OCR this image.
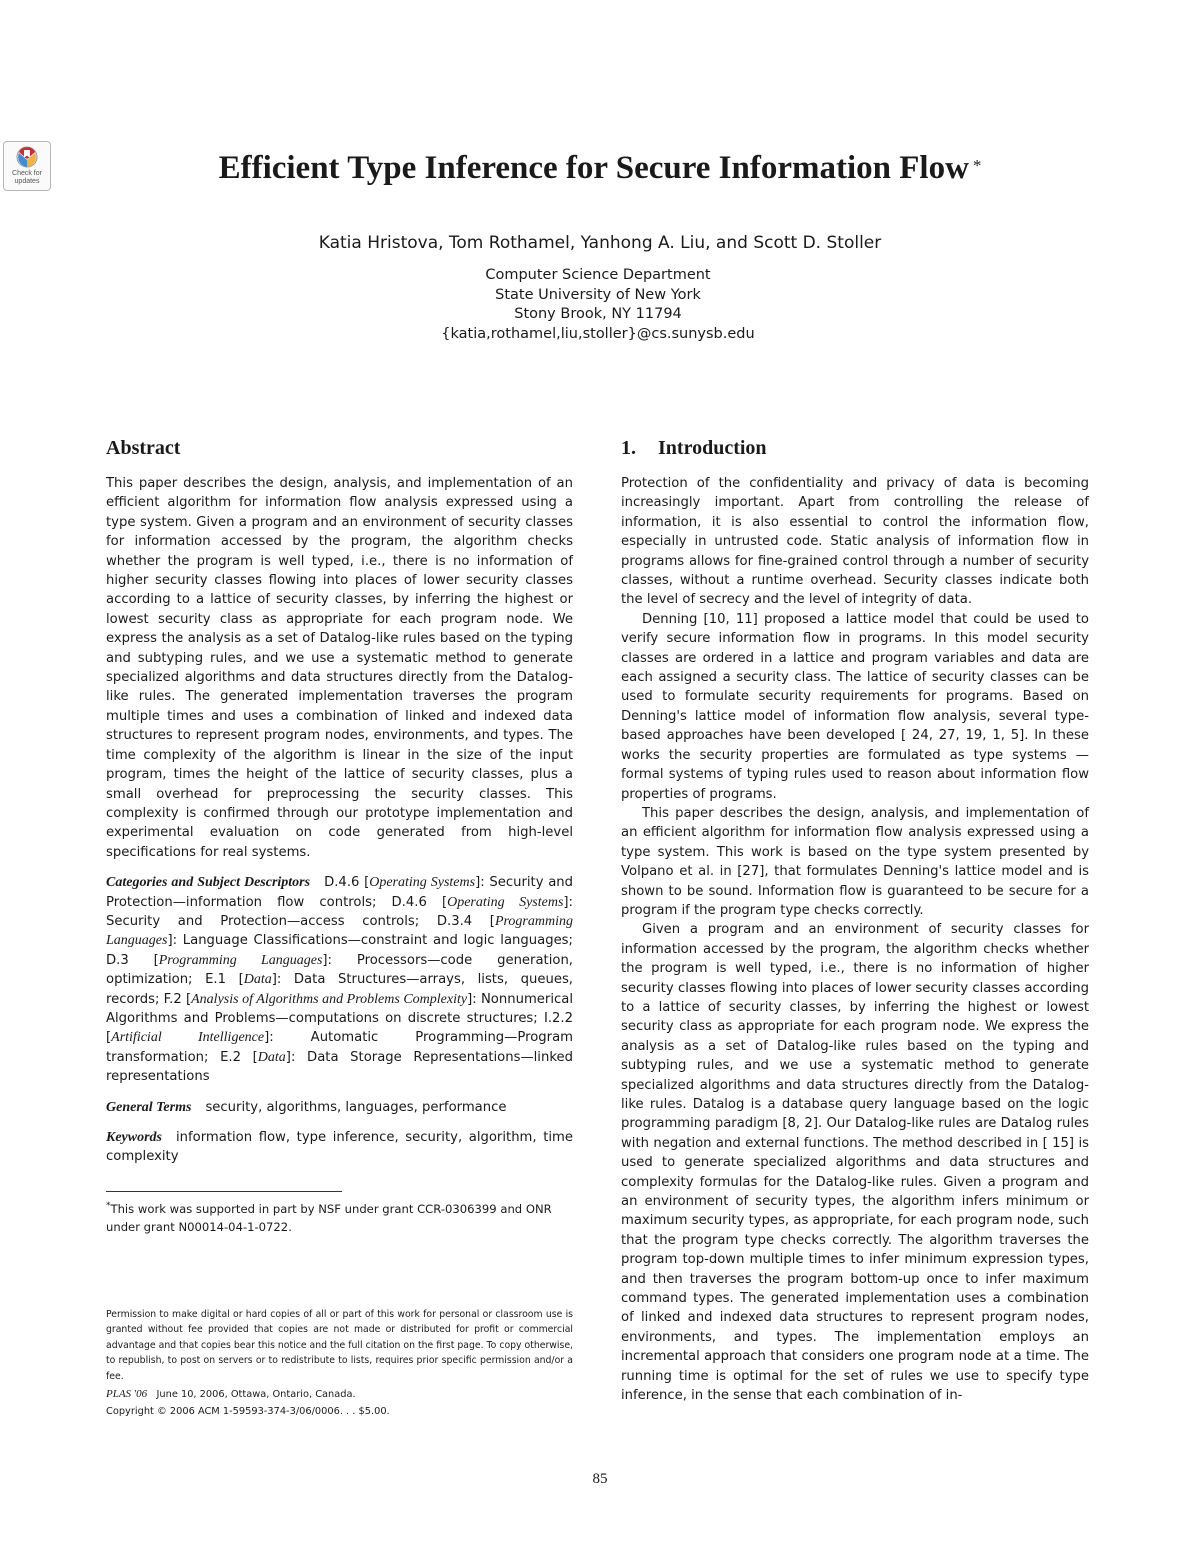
Check for
updates	Efficient Type Inference for Secure Information Flow *
Katia Hristova, Tom Rothamel, Yanhong A. Liu, and Scott D. Stoller
Computer Science Department
State University of New York
Stony Brook, NY 11794
{katia,rothamel,liu,stoller}@cs.sunysb.edu
Abstract

This paper describes the design, analysis, and implementation of an efficient algorithm for information flow analysis expressed using a type system. Given a program and an environment of security classes for information accessed by the program, the algorithm checks whether the program is well typed, i.e., there is no information of higher security classes flowing into places of lower security classes according to a lattice of security classes, by inferring the highest or lowest security class as appropriate for each program node. We express the analysis as a set of Datalog-like rules based on the typing and subtyping rules, and we use a systematic method to generate specialized algorithms and data structures directly from the Datalog-like rules. The generated implementation traverses the program multiple times and uses a combination of linked and indexed data structures to represent program nodes, environments, and types. The time complexity of the algorithm is linear in the size of the input program, times the height of the lattice of security classes, plus a small overhead for preprocessing the security classes. This complexity is confirmed through our prototype implementation and experimental evaluation on code generated from high-level specifications for real systems.

Categories and Subject Descriptors D.4.6 [Operating Systems]: Security and Protection—information flow controls; D.4.6 [Operating Systems]: Security and Protection—access controls; D.3.4 [Programming Languages]: Language Classifications—constraint and logic languages; D.3 [Programming Languages]: Processors—code generation, optimization; E.1 [Data]: Data Structures—arrays, lists, queues, records; F.2 [Analysis of Algorithms and Problems Complexity]: Nonnumerical Algorithms and Problems—computations on discrete structures; I.2.2 [Artificial Intelligence]: Automatic Programming—Program transformation; E.2 [Data]: Data Storage Representations—linked representations

General Terms security, algorithms, languages, performance

Keywords information flow, type inference, security, algorithm, time complexity

*This work was supported in part by NSF under grant CCR-0306399 and ONR under grant N00014-04-1-0722.
Permission to make digital or hard copies of all or part of this work for personal or classroom use is granted without fee provided that copies are not made or distributed for profit or commercial advantage and that copies bear this notice and the full citation on the first page. To copy otherwise, to republish, to post on servers or to redistribute to lists, requires prior specific permission and/or a fee.
PLAS '06 June 10, 2006, Ottawa, Ontario, Canada.
Copyright © 2006 ACM 1-59593-374-3/06/0006. . . $5.00.
1. Introduction

Protection of the confidentiality and privacy of data is becoming increasingly important. Apart from controlling the release of information, it is also essential to control the information flow, especially in untrusted code. Static analysis of information flow in programs allows for fine-grained control through a number of security classes, without a runtime overhead. Security classes indicate both the level of secrecy and the level of integrity of data.

Denning [10, 11] proposed a lattice model that could be used to verify secure information flow in programs. In this model security classes are ordered in a lattice and program variables and data are each assigned a security class. The lattice of security classes can be used to formulate security requirements for programs. Based on Denning's lattice model of information flow analysis, several type-based approaches have been developed [ 24, 27, 19, 1, 5]. In these works the security properties are formulated as type systems — formal systems of typing rules used to reason about information flow properties of programs.

This paper describes the design, analysis, and implementation of an efficient algorithm for information flow analysis expressed using a type system. This work is based on the type system presented by Volpano et al. in [27], that formulates Denning's lattice model and is shown to be sound. Information flow is guaranteed to be secure for a program if the program type checks correctly.

Given a program and an environment of security classes for information accessed by the program, the algorithm checks whether the program is well typed, i.e., there is no information of higher security classes flowing into places of lower security classes according to a lattice of security classes, by inferring the highest or lowest security class as appropriate for each program node. We express the analysis as a set of Datalog-like rules based on the typing and subtyping rules, and we use a systematic method to generate specialized algorithms and data structures directly from the Datalog-like rules. Datalog is a database query language based on the logic programming paradigm [8, 2]. Our Datalog-like rules are Datalog rules with negation and external functions. The method described in [ 15] is used to generate specialized algorithms and data structures and complexity formulas for the Datalog-like rules. Given a program and an environment of security types, the algorithm infers minimum or maximum security types, as appropriate, for each program node, such that the program type checks correctly. The algorithm traverses the program top-down multiple times to infer minimum expression types, and then traverses the program bottom-up once to infer maximum command types. The generated implementation uses a combination of linked and indexed data structures to represent program nodes, environments, and types. The implementation employs an incremental approach that considers one program node at a time. The running time is optimal for the set of rules we use to specify type inference, in the sense that each combination of in-

85
